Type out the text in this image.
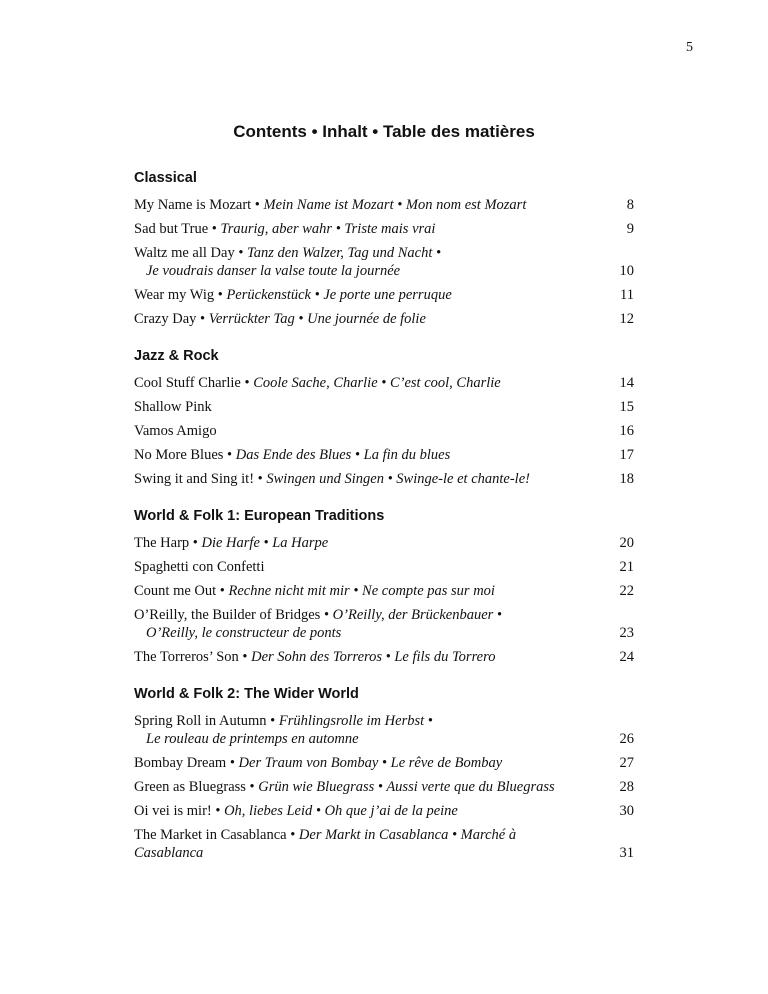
5
Contents • Inhalt • Table des matières
Classical
My Name is Mozart • Mein Name ist Mozart • Mon nom est Mozart	8
Sad but True • Traurig, aber wahr • Triste mais vrai	9
Waltz me all Day • Tanz den Walzer, Tag und Nacht •
Je voudrais danser la valse toute la journée	10
Wear my Wig • Perückenstück • Je porte une perruque	11
Crazy Day • Verrückter Tag • Une journée de folie	12
Jazz & Rock
Cool Stuff Charlie • Coole Sache, Charlie • C’est cool, Charlie	14
Shallow Pink	15
Vamos Amigo	16
No More Blues • Das Ende des Blues • La fin du blues	17
Swing it and Sing it! • Swingen und Singen • Swinge-le et chante-le!	18
World & Folk 1: European Traditions
The Harp • Die Harfe • La Harpe	20
Spaghetti con Confetti	21
Count me Out • Rechne nicht mit mir • Ne compte pas sur moi	22
O’Reilly, the Builder of Bridges • O’Reilly, der Brückenbauer •
O’Reilly, le constructeur de ponts	23
The Torreros’ Son • Der Sohn des Torreros • Le fils du Torrero	24
World & Folk 2: The Wider World
Spring Roll in Autumn • Frühlingsrolle im Herbst •
Le rouleau de printemps en automne	26
Bombay Dream • Der Traum von Bombay • Le rêve de Bombay	27
Green as Bluegrass • Grün wie Bluegrass • Aussi verte que du Bluegrass	28
Oi vei is mir! • Oh, liebes Leid • Oh que j’ai de la peine	30
The Market in Casablanca • Der Markt in Casablanca • Marché à Casablanca	31
